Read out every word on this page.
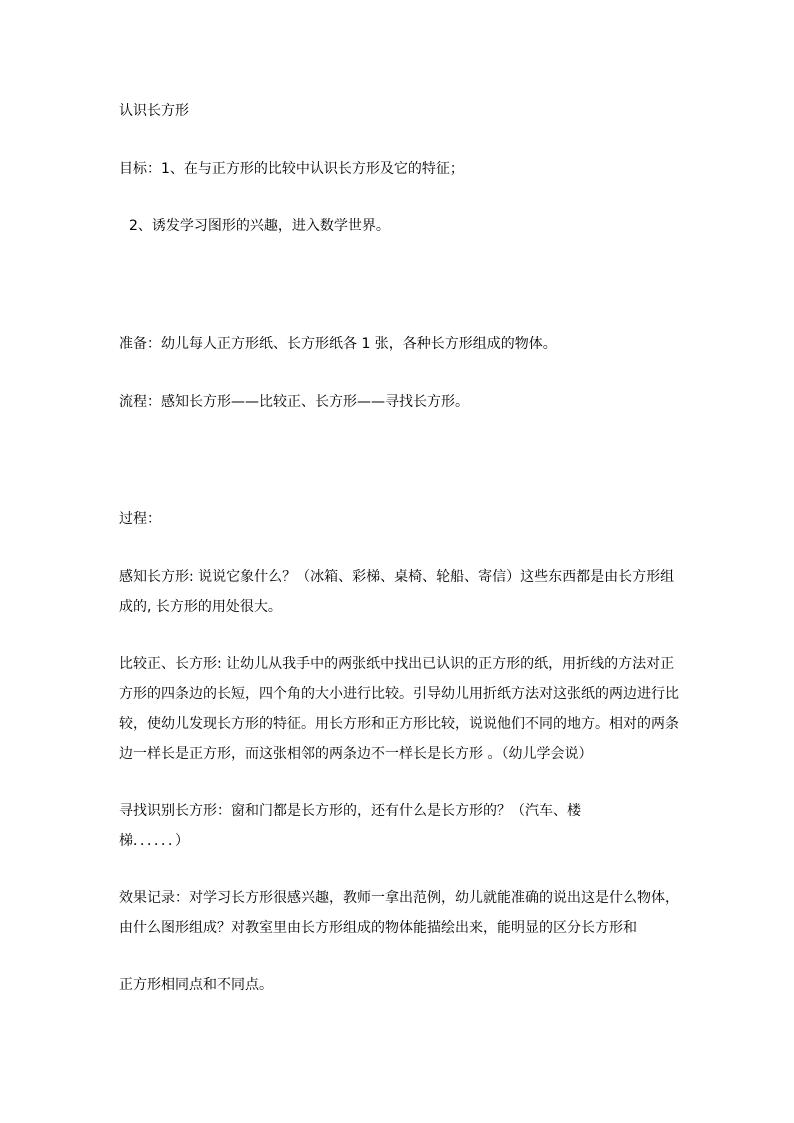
认识长方形
目标：1、在与正方形的比较中认识长方形及它的特征；
2、诱发学习图形的兴趣，进入数学世界。
准备：幼儿每人正方形纸、长方形纸各 1 张，各种长方形组成的物体。
流程：感知长方形——比较正、长方形——寻找长方形。
过程：
感知长方形: 说说它象什么？（冰箱、彩梯、桌椅、轮船、寄信）这些东西都是由长方形组
成的, 长方形的用处很大。
比较正、长方形: 让幼儿从我手中的两张纸中找出已认识的正方形的纸，用折线的方法对正
方形的四条边的长短，四个角的大小进行比较。引导幼儿用折纸方法对这张纸的两边进行比
较，使幼儿发现长方形的特征。用长方形和正方形比较，说说他们不同的地方。相对的两条
边一样长是正方形，而这张相邻的两条边不一样长是长方形 。（幼儿学会说）
寻找识别长方形：窗和门都是长方形的，还有什么是长方形的？（汽车、楼
梯．．．．．．）
效果记录：对学习长方形很感兴趣，教师一拿出范例，幼儿就能准确的说出这是什么物体，
由什么图形组成？对教室里由长方形组成的物体能描绘出来，能明显的区分长方形和
正方形相同点和不同点。
